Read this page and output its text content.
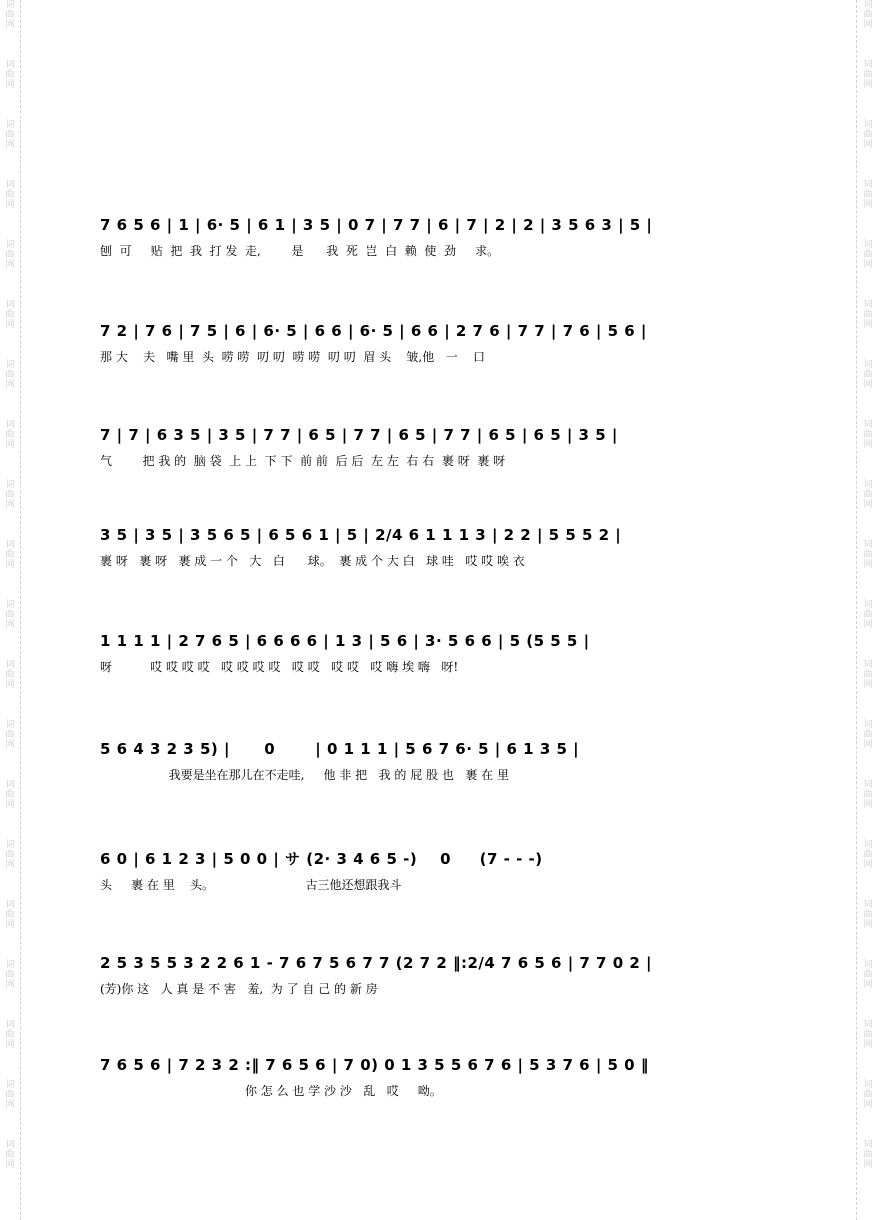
词
曲
网
词
曲
网
词
曲
网
词
曲
网
词
曲
网
词
曲
网
词
曲
网
词
曲
网
词
曲
网
词
曲
网
词
曲
网
词
曲
网
词
曲
网
词
曲
网
词
曲
网
词
曲
网
词
曲
网
词
曲
网
词
曲
网
词
曲
网
词
曲
网
词
曲
网
词
曲
网
词
曲
网
词
曲
网
词
曲
网
词
曲
网
词
曲
网
词
曲
网
词
曲
网
词
曲
网
词
曲
网
词
曲
网
词
曲
网
词
曲
网
词
曲
网
词
曲
网
词
曲
网
词
曲
网
词
曲
网
7 6 5 6 | 1 | 6· 5 | 6 1 | 3 5 | 0 7 | 7 7 | 6 | 7 | 2 | 2 | 3 5 6 3 | 5 |
刨  可     贴  把  我  打 发  走,        是      我  死  岂  白  赖  使  劲     求。
7 2 | 7 6 | 7 5 | 6 | 6· 5 | 6 6 | 6· 5 | 6 6 | 2 7 6 | 7 7 | 7 6 | 5 6 |
那 大    夫   嘴 里  头  唠 唠  叨 叨  唠 唠  叨 叨  眉 头    皱,他   一    口
7 | 7 | 6 3 5 | 3 5 | 7 7 | 6 5 | 7 7 | 6 5 | 7 7 | 6 5 | 6 5 | 3 5 |
气        把 我 的  脑 袋  上 上  下 下  前 前  后 后  左 左  右 右  裹 呀  裹 呀
3 5 | 3 5 | 3 5 6 5 | 6 5 6 1 | 5 | 2/4 6 1 1 1 3 | 2 2 | 5 5 5 2 |
裹 呀   裹 呀   裹 成 一 个   大   白      球。  裹 成 个 大 白   球 哇   哎 哎 唉 衣
1 1 1 1 | 2 7 6 5 | 6 6 6 6 | 1 3 | 5 6 | 3· 5 6 6 | 5 (5 5 5 |
呀          哎 哎 哎 哎   哎 哎 哎 哎   哎 哎   哎 哎   哎 嗨 埃 嗨   呀!
5 6 4 3 2 3 5) |      0       | 0 1 1 1 | 5 6 7 6· 5 | 6 1 3 5 |
我要是坐在那儿在不走哇,     他 非 把   我 的 屁 股 也   裹 在 里
6 0 | 6 1 2 3 | 5 0 0 | サ (2· 3 4 6 5 -)    0     (7 - - -)
头     裹 在 里    头。                        古三他还想跟我斗
2 5 3 5 5 3 2 2 6 1 - 7 6 7 5 6 7 7 (2 7 2 ‖:2/4 7 6 5 6 | 7 7 0 2 |
(芳)你 这   人 真 是 不 害   羞,  为 了 自 己 的 新 房
7 6 5 6 | 7 2 3 2 :‖ 7 6 5 6 | 7 0) 0 1 3 5 5 6 7 6 | 5 3 7 6 | 5 0 ‖
你 怎 么 也 学 沙 沙   乱   哎     呦。
